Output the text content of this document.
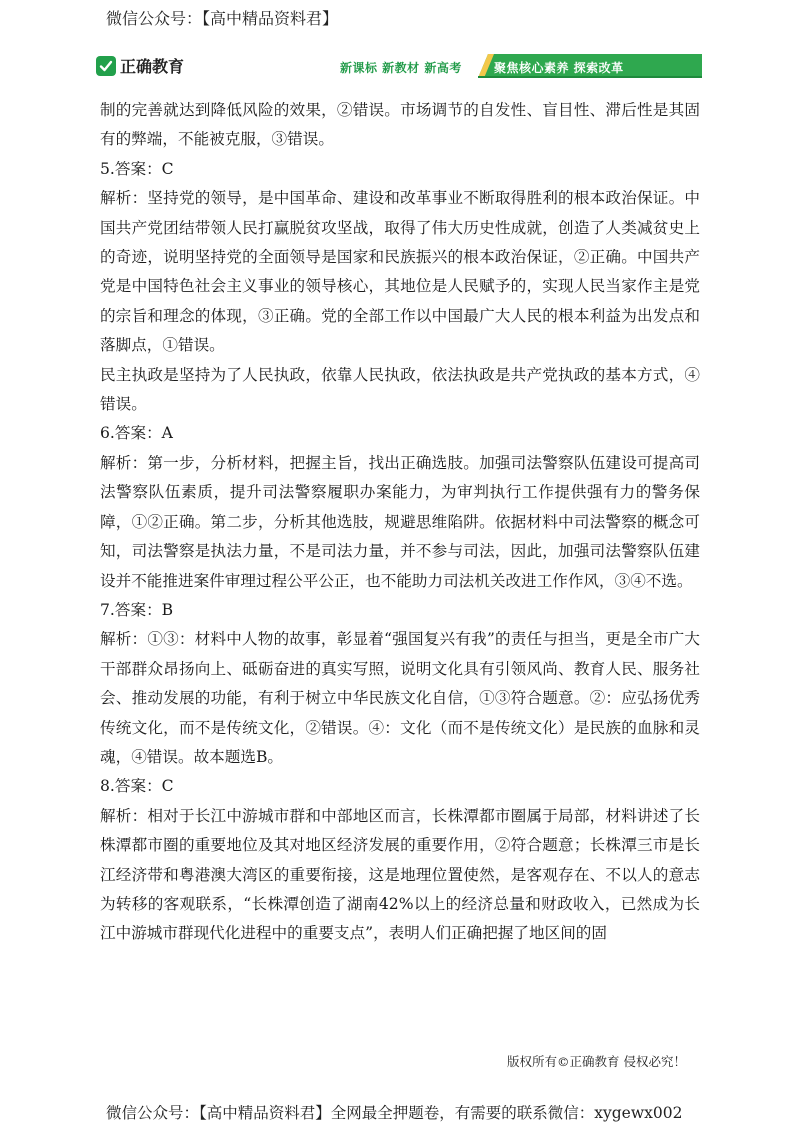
微信公众号：【高中精品资料君】
正确教育	新课标 新教材 新高考	聚焦核心素养 探索改革

制的完善就达到降低风险的效果，②错误。市场调节的自发性、盲目性、滞后性是其固有的弊端，不能被克服，③错误。

5.答案：C

解析：坚持党的领导，是中国革命、建设和改革事业不断取得胜利的根本政治保证。中国共产党团结带领人民打赢脱贫攻坚战，取得了伟大历史性成就，创造了人类减贫史上的奇迹，说明坚持党的全面领导是国家和民族振兴的根本政治保证，②正确。中国共产党是中国特色社会主义事业的领导核心，其地位是人民赋予的，实现人民当家作主是党的宗旨和理念的体现，③正确。党的全部工作以中国最广大人民的根本利益为出发点和落脚点，①错误。

民主执政是坚持为了人民执政，依靠人民执政，依法执政是共产党执政的基本方式，④错误。

6.答案：A

解析：第一步，分析材料，把握主旨，找出正确选肢。加强司法警察队伍建设可提高司法警察队伍素质，提升司法警察履职办案能力，为审判执行工作提供强有力的警务保障，①②正确。第二步，分析其他选肢，规避思维陷阱。依据材料中司法警察的概念可知，司法警察是执法力量，不是司法力量，并不参与司法，因此，加强司法警察队伍建设并不能推进案件审理过程公平公正，也不能助力司法机关改进工作作风，③④不选。

7.答案：B

解析：①③：材料中人物的故事，彰显着“强国复兴有我”的责任与担当，更是全市广大干部群众昂扬向上、砥砺奋进的真实写照，说明文化具有引领风尚、教育人民、服务社会、推动发展的功能，有利于树立中华民族文化自信，①③符合题意。②：应弘扬优秀传统文化，而不是传统文化，②错误。④：文化（而不是传统文化）是民族的血脉和灵魂，④错误。故本题选B。

8.答案：C

解析：相对于长江中游城市群和中部地区而言，长株潭都市圈属于局部，材料讲述了长株潭都市圈的重要地位及其对地区经济发展的重要作用，②符合题意；长株潭三市是长江经济带和粤港澳大湾区的重要衔接，这是地理位置使然，是客观存在、不以人的意志为转移的客观联系，“长株潭创造了湖南42%以上的经济总量和财政收入，已然成为长江中游城市群现代化进程中的重要支点”，表明人们正确把握了地区间的固

版权所有©正确教育 侵权必究！
微信公众号：【高中精品资料君】全网最全押题卷，有需要的联系微信：xygewx002
